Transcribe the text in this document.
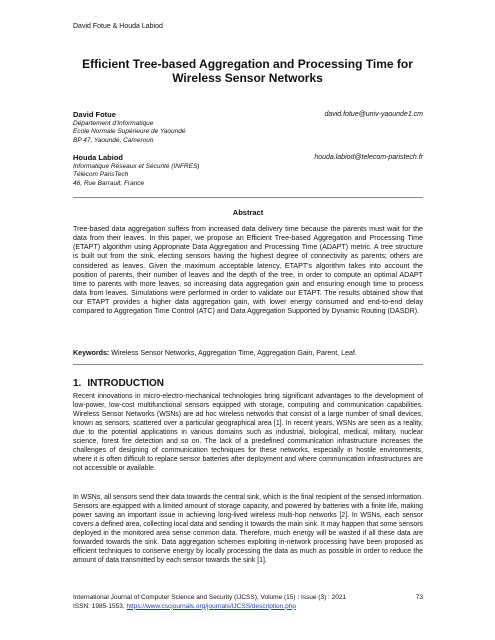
David Fotue & Houda Labiod
Efficient Tree-based Aggregation and Processing Time for
Wireless Sensor Networks
David Fotue	david.fotue@univ-yaounde1.cm
Département d'Informatique
Ecole Normale Supérieure de Yaoundé
BP 47, Yaoundé, Cameroun
Houda Labiod	houda.labiod@telecom-paristech.fr
Informatique Réseaux et Sécurité (INFRES)
Télécom ParisTech
46, Rue Barrault, France
Abstract
Tree-based data aggregation suffers from increased data delivery time because the parents must wait for the data from their leaves. In this paper, we propose an Efficient Tree-based Aggregation and Processing Time (ETAPT) algorithm using Appropriate Data Aggregation and Processing Time (ADAPT) metric. A tree structure is built out from the sink, electing sensors having the highest degree of connectivity as parents; others are considered as leaves. Given the maximum acceptable latency, ETAPT's algorithm takes into account the position of parents, their number of leaves and the depth of the tree, in order to compute an optimal ADAPT time to parents with more leaves, so increasing data aggregation gain and ensuring enough time to process data from leaves. Simulations were performed in order to validate our ETAPT. The results obtained show that our ETAPT provides a higher data aggregation gain, with lower energy consumed and end-to-end delay compared to Aggregation Time Control (ATC) and Data Aggregation Supported by Dynamic Routing (DASDR).
Keywords: Wireless Sensor Networks, Aggregation Time, Aggregation Gain, Parent, Leaf.
1. INTRODUCTION
Recent innovations in micro-electro-mechanical technologies bring significant advantages to the development of low-power, low-cost multifunctional sensors equipped with storage, computing and communication capabilities. Wireless Sensor Networks (WSNs) are ad hoc wireless networks that consist of a large number of small devices, known as sensors, scattered over a particular geographical area [1]. In recent years, WSNs are seen as a reality, due to the potential applications in various domains such as industrial, biological, medical, military, nuclear science, forest fire detection and so on. The lack of a predefined communication infrastructure increases the challenges of designing of communication techniques for these networks, especially in hostile environments, where it is often difficult to replace sensor batteries after deployment and where communication infrastructures are not accessible or available.
In WSNs, all sensors send their data towards the central sink, which is the final recipient of the sensed information. Sensors are equipped with a limited amount of storage capacity, and powered by batteries with a finite life, making power saving an important issue in achieving long-lived wireless multi-hop networks [2]. In WSNs, each sensor covers a defined area, collecting local data and sending it towards the main sink. It may happen that some sensors deployed in the monitored area sense common data. Therefore, much energy will be wasted if all these data are forwarded towards the sink. Data aggregation schemes exploiting in-network processing have been proposed as efficient techniques to conserve energy by locally processing the data as much as possible in order to reduce the amount of data transmitted by each sensor towards the sink [1].
International Journal of Computer Science and Security (IJCSS), Volume (15) : Issue (3) : 2021	73
ISSN: 1985-1553, https://www.cscjournals.org/journals/IJCSS/description.php
